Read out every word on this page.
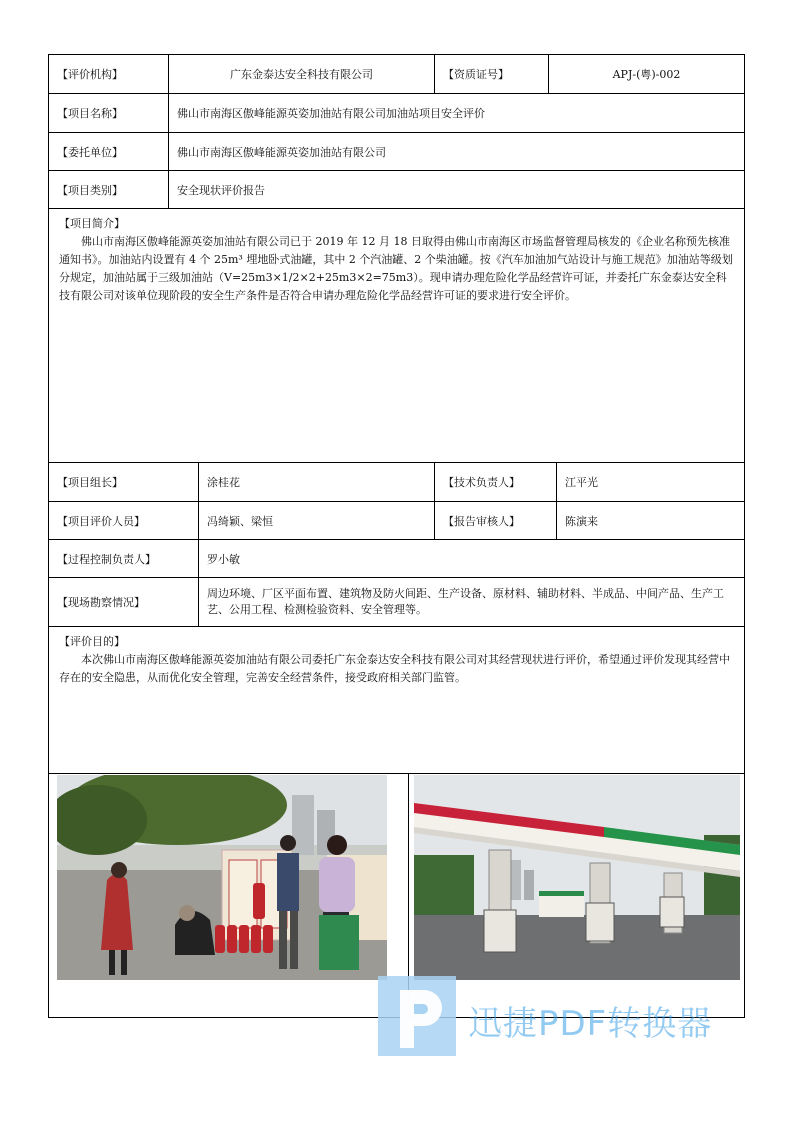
【评价机构】	广东金泰达安全科技有限公司	【资质证号】	APJ-(粤)-002
【项目名称】	佛山市南海区傲峰能源英姿加油站有限公司加油站项目安全评价
【委托单位】	佛山市南海区傲峰能源英姿加油站有限公司
【项目类别】	安全现状评价报告
【项目简介】

佛山市南海区傲峰能源英姿加油站有限公司已于 2019 年 12 月 18 日取得由佛山市南海区市场监督管理局核发的《企业名称预先核准通知书》。加油站内设置有 4 个 25m³ 埋地卧式油罐，其中 2 个汽油罐、2 个柴油罐。按《汽车加油加气站设计与施工规范》加油站等级划分规定，加油站属于三级加油站（V=25m3×1/2×2+25m3×2=75m3）。现申请办理危险化学品经营许可证，并委托广东金泰达安全科技有限公司对该单位现阶段的安全生产条件是否符合申请办理危险化学品经营许可证的要求进行安全评价。

【项目组长】	涂桂花	【技术负责人】	江平光
【项目评价人员】	冯绮颖、梁恒	【报告审核人】	陈演来
【过程控制负责人】	罗小敏
【现场勘察情况】
周边环境、厂区平面布置、建筑物及防火间距、生产设备、原材料、辅助材料、半成品、中间产品、生产工艺、公用工程、检测检验资料、安全管理等。
【评价目的】

本次佛山市南海区傲峰能源英姿加油站有限公司委托广东金泰达安全科技有限公司对其经营现状进行评价，希望通过评价发现其经营中存在的安全隐患，从而优化安全管理，完善安全经营条件，接受政府相关部门监管。

迅捷PDF转换器
